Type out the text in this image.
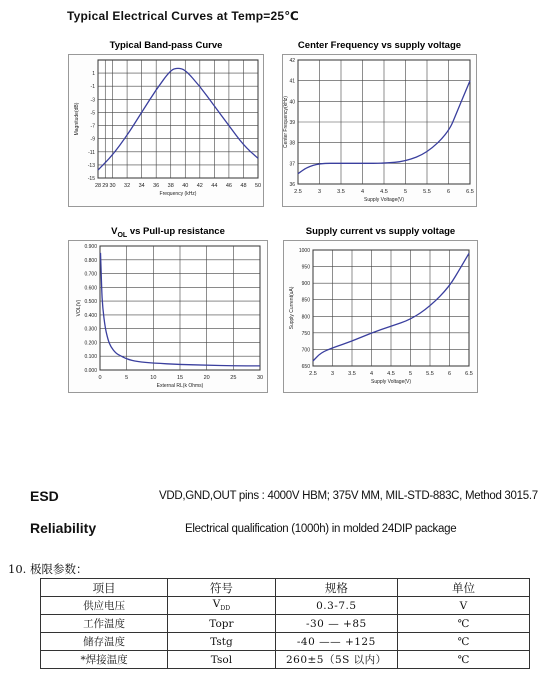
Typical Electrical Curves at Temp=25℃
Typical Band-pass Curve
28 29 30 32 34 36 38 40 42 44 46 48 50
-15
-13
-11
-9
-7
-5
-3
-1
1
Frequency (kHz)
Magnitude(dB)
Center Frequency vs supply voltage
2.5	3	3.5	4	4.5	5	5.5	6	6.5
36
37
38
39
40
41
42
Supply Voltage(V)
Center Frequency(kHz)
$V_{OL}$ vs Pull-up resistance
0	5	10	15	20	25	30
0.000
0.100
0.200
0.300
0.400
0.500
0.600
0.700
0.800
0.900
External RL(k Ohms)
VOL(V)
Supply current vs supply voltage
2.5	3	3.5	4	4.5	5	5.5	6	6.5
650
700
750
800
850
900
950
1000
Supply Voltage(V)
Supply Current(uA)
ESD	VDD,GND,OUT pins : 4000V HBM; 375V MM, MIL-STD-883C, Method 3015.7
Reliability	Electrical qualification (1000h) in molded 24DIP package
10. 极限参数：
项目	符号	规格	单位
供应电压	$V_{DD}$	0.3-7.5	V
工作温度	Topr	-30 — +85	℃
储存温度	Tstg	-40 —— +125	℃
*焊接温度	Tsol	260±5（5S 以内）	℃
